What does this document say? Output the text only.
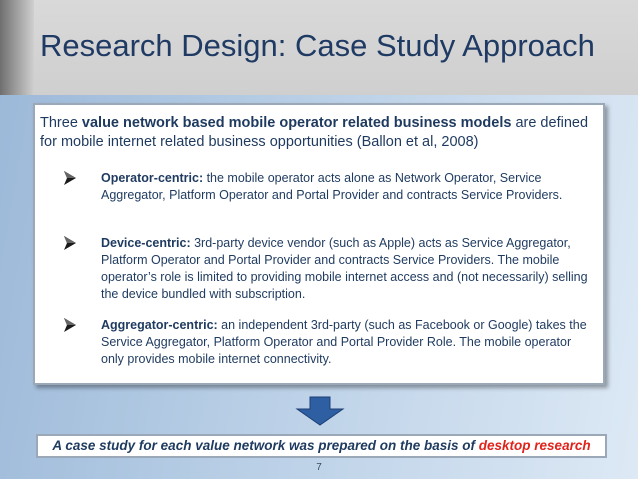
Research Design: Case Study Approach
Three value network based mobile operator related business models are defined for mobile internet related business opportunities (Ballon et al, 2008)
Operator-centric: the mobile operator acts alone as Network Operator, Service Aggregator, Platform Operator and Portal Provider and contracts Service Providers.
Device-centric: 3rd-party device vendor (such as Apple) acts as Service Aggregator, Platform Operator and Portal Provider and contracts Service Providers. The mobile operator’s role is limited to providing mobile internet access and (not necessarily) selling the device bundled with subscription.
Aggregator-centric: an independent 3rd-party (such as Facebook or Google) takes the Service Aggregator, Platform Operator and Portal Provider Role. The mobile operator only provides mobile internet connectivity.
A case study for each value network was prepared on the basis of desktop research
7
